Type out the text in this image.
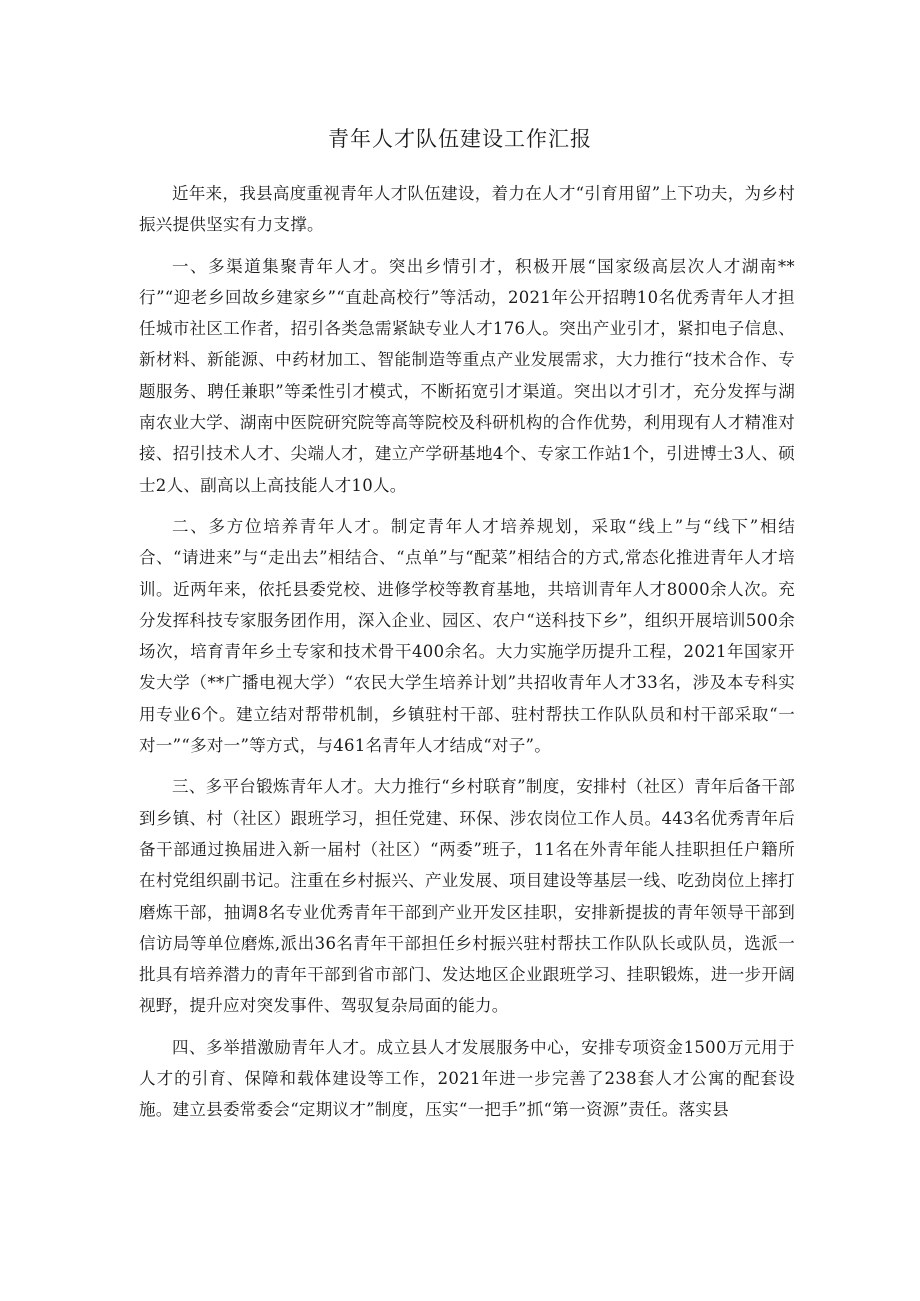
青年人才队伍建设工作汇报

近年来，我县高度重视青年人才队伍建设，着力在人才“引育用留”上下功夫，为乡村振兴提供坚实有力支撑。

一、多渠道集聚青年人才。突出乡情引才，积极开展“国家级高层次人才湖南**行”“迎老乡回故乡建家乡”“直赴高校行”等活动，2021年公开招聘10名优秀青年人才担任城市社区工作者，招引各类急需紧缺专业人才176人。突出产业引才，紧扣电子信息、新材料、新能源、中药材加工、智能制造等重点产业发展需求，大力推行“技术合作、专题服务、聘任兼职”等柔性引才模式，不断拓宽引才渠道。突出以才引才，充分发挥与湖南农业大学、湖南中医院研究院等高等院校及科研机构的合作优势，利用现有人才精准对接、招引技术人才、尖端人才，建立产学研基地4个、专家工作站1个，引进博士3人、硕士2人、副高以上高技能人才10人。

二、多方位培养青年人才。制定青年人才培养规划，采取“线上”与“线下”相结合、“请进来”与“走出去”相结合、“点单”与“配菜”相结合的方式,常态化推进青年人才培训。近两年来，依托县委党校、进修学校等教育基地，共培训青年人才8000余人次。充分发挥科技专家服务团作用，深入企业、园区、农户“送科技下乡”，组织开展培训500余场次，培育青年乡土专家和技术骨干400余名。大力实施学历提升工程，2021年国家开发大学（**广播电视大学）“农民大学生培养计划”共招收青年人才33名，涉及本专科实用专业6个。建立结对帮带机制，乡镇驻村干部、驻村帮扶工作队队员和村干部采取“一对一”“多对一”等方式，与461名青年人才结成“对子”。

三、多平台锻炼青年人才。大力推行“乡村联育”制度，安排村（社区）青年后备干部到乡镇、村（社区）跟班学习，担任党建、环保、涉农岗位工作人员。443名优秀青年后备干部通过换届进入新一届村（社区）“两委”班子，11名在外青年能人挂职担任户籍所在村党组织副书记。注重在乡村振兴、产业发展、项目建设等基层一线、吃劲岗位上摔打磨炼干部，抽调8名专业优秀青年干部到产业开发区挂职，安排新提拔的青年领导干部到信访局等单位磨炼,派出36名青年干部担任乡村振兴驻村帮扶工作队队长或队员，选派一批具有培养潜力的青年干部到省市部门、发达地区企业跟班学习、挂职锻炼，进一步开阔视野，提升应对突发事件、驾驭复杂局面的能力。

四、多举措激励青年人才。成立县人才发展服务中心，安排专项资金1500万元用于人才的引育、保障和载体建设等工作，2021年进一步完善了238套人才公寓的配套设施。建立县委常委会“定期议才”制度，压实“一把手”抓“第一资源”责任。落实县
